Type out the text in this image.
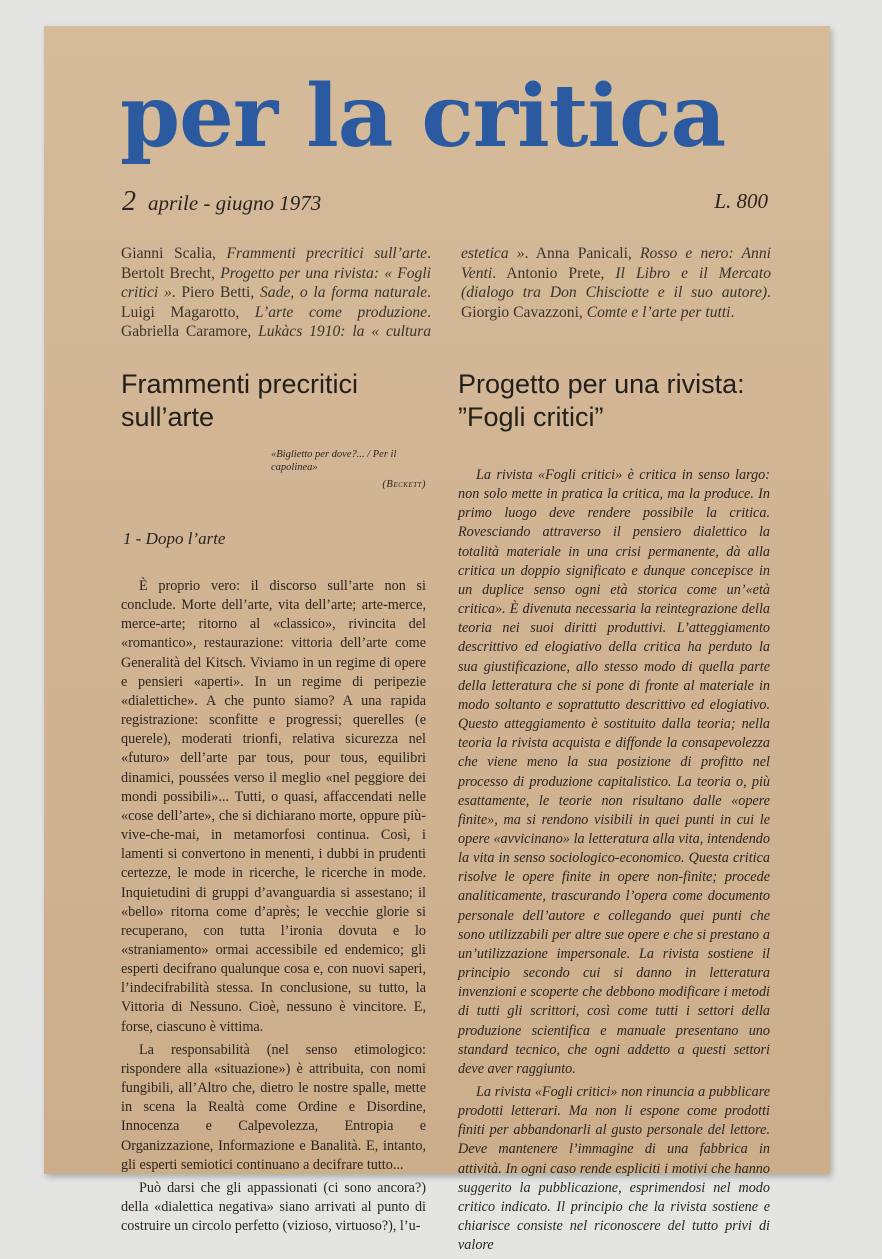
per la critica
2 aprile - giugno 1973	L. 800
Gianni Scalia, Frammenti precritici sull’arte. Bertolt Brecht, Progetto per una rivista: « Fogli critici ». Piero Betti, Sade, o la forma naturale. Luigi Magarotto, L’arte come produzione. Gabriella Caramore, Lukàcs 1910: la « cultura estetica ». Anna Panicali, Rosso e nero: Anni Venti. Antonio Prete, Il Libro e il Mercato (dialogo tra Don Chisciotte e il suo autore). Giorgio Cavazzoni, Comte e l’arte per tutti.
Frammenti precritici
sull’arte
«Biglietto per dove?... / Per il capolinea»
(Beckett)
1 - Dopo l’arte

È proprio vero: il discorso sull’arte non si conclude. Morte dell’arte, vita dell’arte; arte-merce, merce-arte; ritorno al «classico», rivincita del «romantico», restaurazione: vittoria dell’arte come Generalità del Kitsch. Viviamo in un regime di opere e pensieri «aperti». In un regime di peripezie «dialettiche». A che punto siamo? A una rapida registrazione: sconfitte e progressi; querelles (e querele), moderati trionfi, relativa sicurezza nel «futuro» dell’arte par tous, pour tous, equilibri dinamici, poussées verso il meglio «nel peggiore dei mondi possibili»... Tutti, o quasi, affaccendati nelle «cose dell’arte», che si dichiarano morte, oppure più-vive-che-mai, in metamorfosi continua. Così, i lamenti si convertono in menenti, i dubbi in prudenti certezze, le mode in ricerche, le ricerche in mode. Inquietudini di gruppi d’avanguardia si assestano; il «bello» ritorna come d’après; le vecchie glorie si recuperano, con tutta l’ironia dovuta e lo «straniamento» ormai accessibile ed endemico; gli esperti decifrano qualunque cosa e, con nuovi saperi, l’indecifrabilità stessa. In conclusione, su tutto, la Vittoria di Nessuno. Cioè, nessuno è vincitore. E, forse, ciascuno è vittima.

La responsabilità (nel senso etimologico: rispondere alla «situazione») è attribuita, con nomi fungibili, all’Altro che, dietro le nostre spalle, mette in scena la Realtà come Ordine e Disordine, Innocenza e Calpevolezza, Entropia e Organizzazione, Informazione e Banalità. E, intanto, gli esperti semiotici continuano a decifrare tutto...

Può darsi che gli appassionati (ci sono ancora?) della «dialettica negativa» siano arrivati al punto di costruire un circolo perfetto (vizioso, virtuoso?), l’u-

Progetto per una rivista:
”Fogli critici”

La rivista «Fogli critici» è critica in senso largo: non solo mette in pratica la critica, ma la produce. In primo luogo deve rendere possibile la critica. Rovesciando attraverso il pensiero dialettico la totalità materiale in una crisi permanente, dà alla critica un doppio significato e dunque concepisce in un duplice senso ogni età storica come un’«età critica». È divenuta necessaria la reintegrazione della teoria nei suoi diritti produttivi. L’atteggiamento descrittivo ed elogiativo della critica ha perduto la sua giustificazione, allo stesso modo di quella parte della letteratura che si pone di fronte al materiale in modo soltanto e soprattutto descrittivo ed elogiativo. Questo atteggiamento è sostituito dalla teoria; nella teoria la rivista acquista e diffonde la consapevolezza che viene meno la sua posizione di profitto nel processo di produzione capitalistico. La teoria o, più esattamente, le teorie non risultano dalle «opere finite», ma si rendono visibili in quei punti in cui le opere «avvicinano» la letteratura alla vita, intendendo la vita in senso sociologico-economico. Questa critica risolve le opere finite in opere non-finite; procede analiticamente, trascurando l’opera come documento personale dell’autore e collegando quei punti che sono utilizzabili per altre sue opere e che si prestano a un’utilizzazione impersonale. La rivista sostiene il principio secondo cui si danno in letteratura invenzioni e scoperte che debbono modificare i metodi di tutti gli scrittori, così come tutti i settori della produzione scientifica e manuale presentano uno standard tecnico, che ogni addetto a questi settori deve aver raggiunto.

La rivista «Fogli critici» non rinuncia a pubblicare prodotti letterari. Ma non li espone come prodotti finiti per abbandonarli al gusto personale del lettore. Deve mantenere l’immagine di una fabbrica in attività. In ogni caso rende espliciti i motivi che hanno suggerito la pubblicazione, esprimendosi nel modo critico indicato. Il principio che la rivista sostiene e chiarisce consiste nel riconoscere del tutto privi di valore
